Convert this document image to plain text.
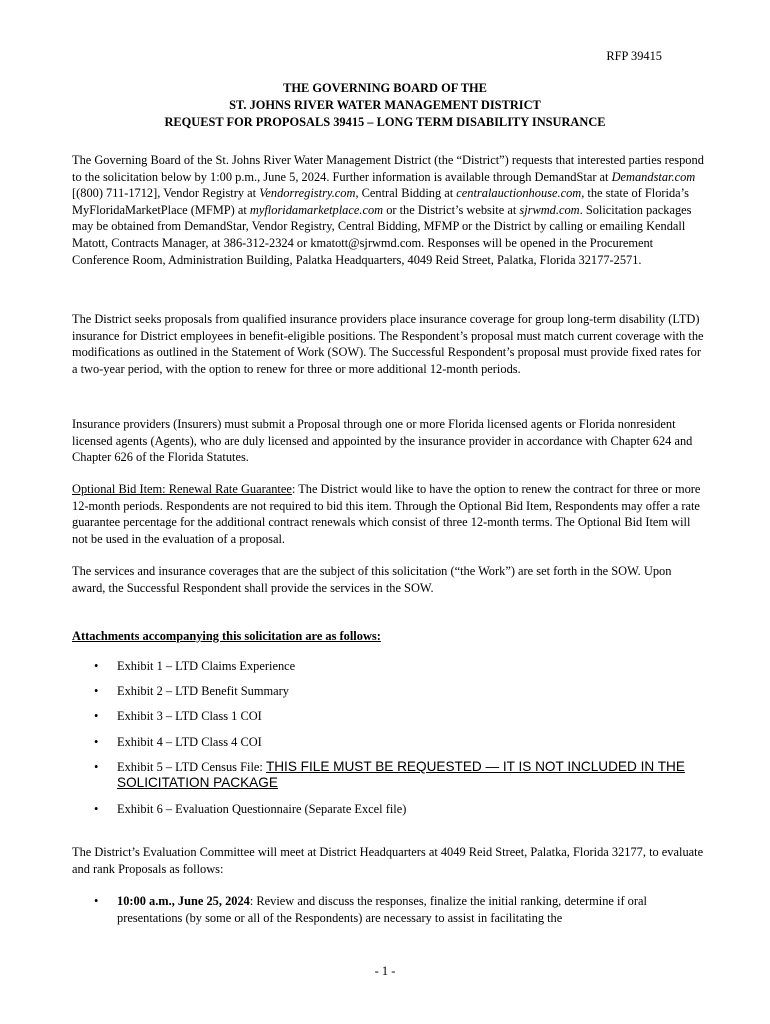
RFP 39415
THE GOVERNING BOARD OF THE
ST. JOHNS RIVER WATER MANAGEMENT DISTRICT
REQUEST FOR PROPOSALS 39415 – LONG TERM DISABILITY INSURANCE
The Governing Board of the St. Johns River Water Management District (the “District”) requests that interested parties respond to the solicitation below by 1:00 p.m., June 5, 2024. Further information is available through DemandStar at Demandstar.com [(800) 711-1712], Vendor Registry at Vendorregistry.com, Central Bidding at centralauctionhouse.com, the state of Florida’s MyFloridaMarketPlace (MFMP) at myfloridamarketplace.com or the District’s website at sjrwmd.com. Solicitation packages may be obtained from DemandStar, Vendor Registry, Central Bidding, MFMP or the District by calling or emailing Kendall Matott, Contracts Manager, at 386-312-2324 or kmatott@sjrwmd.com. Responses will be opened in the Procurement Conference Room, Administration Building, Palatka Headquarters, 4049 Reid Street, Palatka, Florida 32177-2571.
The District seeks proposals from qualified insurance providers place insurance coverage for group long-term disability (LTD) insurance for District employees in benefit-eligible positions. The Respondent’s proposal must match current coverage with the modifications as outlined in the Statement of Work (SOW). The Successful Respondent’s proposal must provide fixed rates for a two-year period, with the option to renew for three or more additional 12-month periods.
Insurance providers (Insurers) must submit a Proposal through one or more Florida licensed agents or Florida nonresident licensed agents (Agents), who are duly licensed and appointed by the insurance provider in accordance with Chapter 624 and Chapter 626 of the Florida Statutes.
Optional Bid Item: Renewal Rate Guarantee: The District would like to have the option to renew the contract for three or more 12-month periods. Respondents are not required to bid this item. Through the Optional Bid Item, Respondents may offer a rate guarantee percentage for the additional contract renewals which consist of three 12-month terms. The Optional Bid Item will not be used in the evaluation of a proposal.
The services and insurance coverages that are the subject of this solicitation (“the Work”) are set forth in the SOW. Upon award, the Successful Respondent shall provide the services in the SOW.
Attachments accompanying this solicitation are as follows:
• Exhibit 1 – LTD Claims Experience
• Exhibit 2 – LTD Benefit Summary
• Exhibit 3 – LTD Class 1 COI
• Exhibit 4 – LTD Class 4 COI
• Exhibit 5 – LTD Census File: THIS FILE MUST BE REQUESTED — IT IS NOT INCLUDED IN THE SOLICITATION PACKAGE
• Exhibit 6 – Evaluation Questionnaire (Separate Excel file)
The District’s Evaluation Committee will meet at District Headquarters at 4049 Reid Street, Palatka, Florida 32177, to evaluate and rank Proposals as follows:
• 10:00 a.m., June 25, 2024: Review and discuss the responses, finalize the initial ranking, determine if oral presentations (by some or all of the Respondents) are necessary to assist in facilitating the
- 1 -
